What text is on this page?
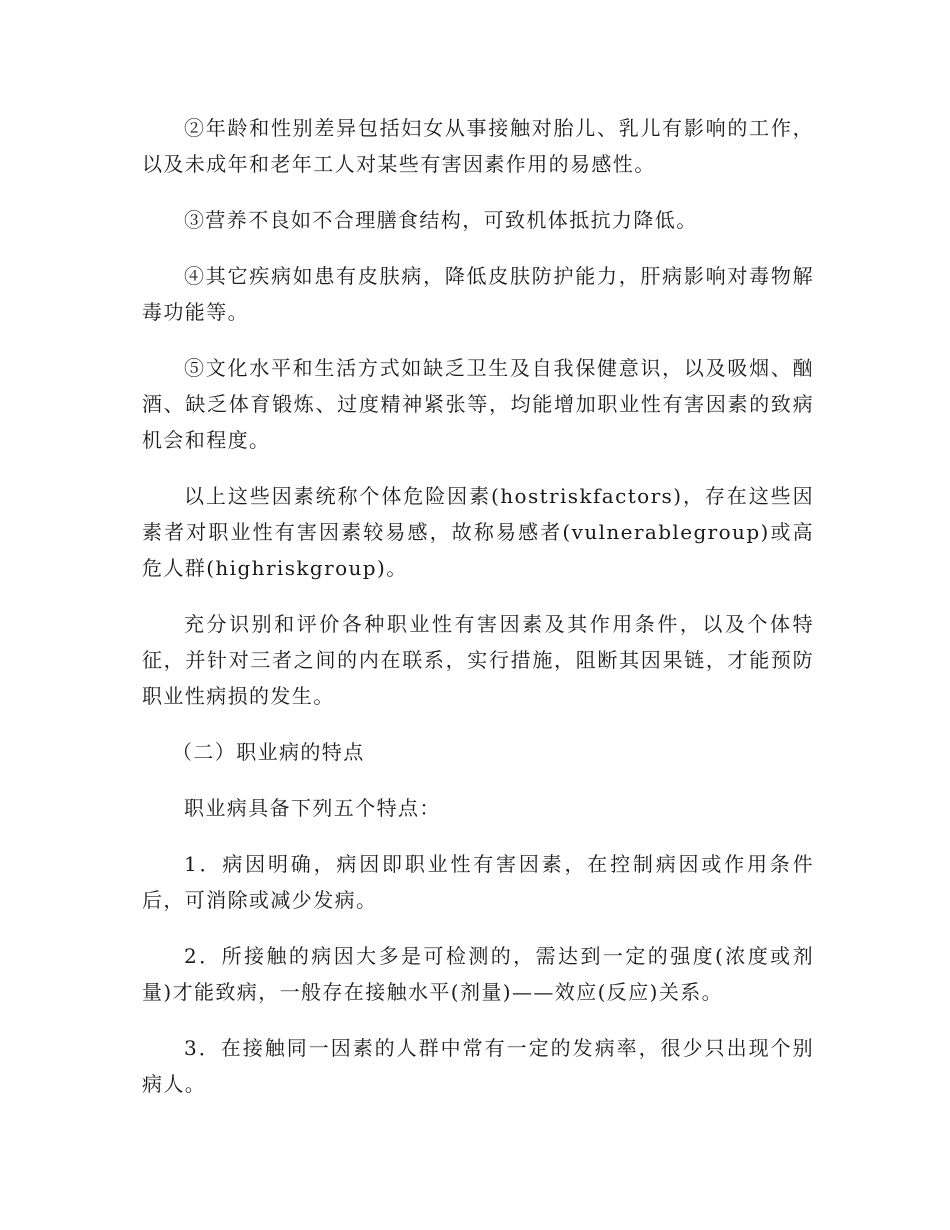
②年龄和性别差异包括妇女从事接触对胎儿、乳儿有影响的工作，以及未成年和老年工人对某些有害因素作用的易感性。

③营养不良如不合理膳食结构，可致机体抵抗力降低。

④其它疾病如患有皮肤病，降低皮肤防护能力，肝病影响对毒物解毒功能等。

⑤文化水平和生活方式如缺乏卫生及自我保健意识，以及吸烟、酗酒、缺乏体育锻炼、过度精神紧张等，均能增加职业性有害因素的致病机会和程度。

以上这些因素统称个体危险因素(hostriskfactors)，存在这些因素者对职业性有害因素较易感，故称易感者(vulnerablegroup)或高危人群(highriskgroup)。

充分识别和评价各种职业性有害因素及其作用条件，以及个体特征，并针对三者之间的内在联系，实行措施，阻断其因果链，才能预防职业性病损的发生。

（二）职业病的特点

职业病具备下列五个特点：

1．病因明确，病因即职业性有害因素，在控制病因或作用条件后，可消除或减少发病。

2．所接触的病因大多是可检测的，需达到一定的强度(浓度或剂量)才能致病，一般存在接触水平(剂量)——效应(反应)关系。

3．在接触同一因素的人群中常有一定的发病率，很少只出现个别病人。
